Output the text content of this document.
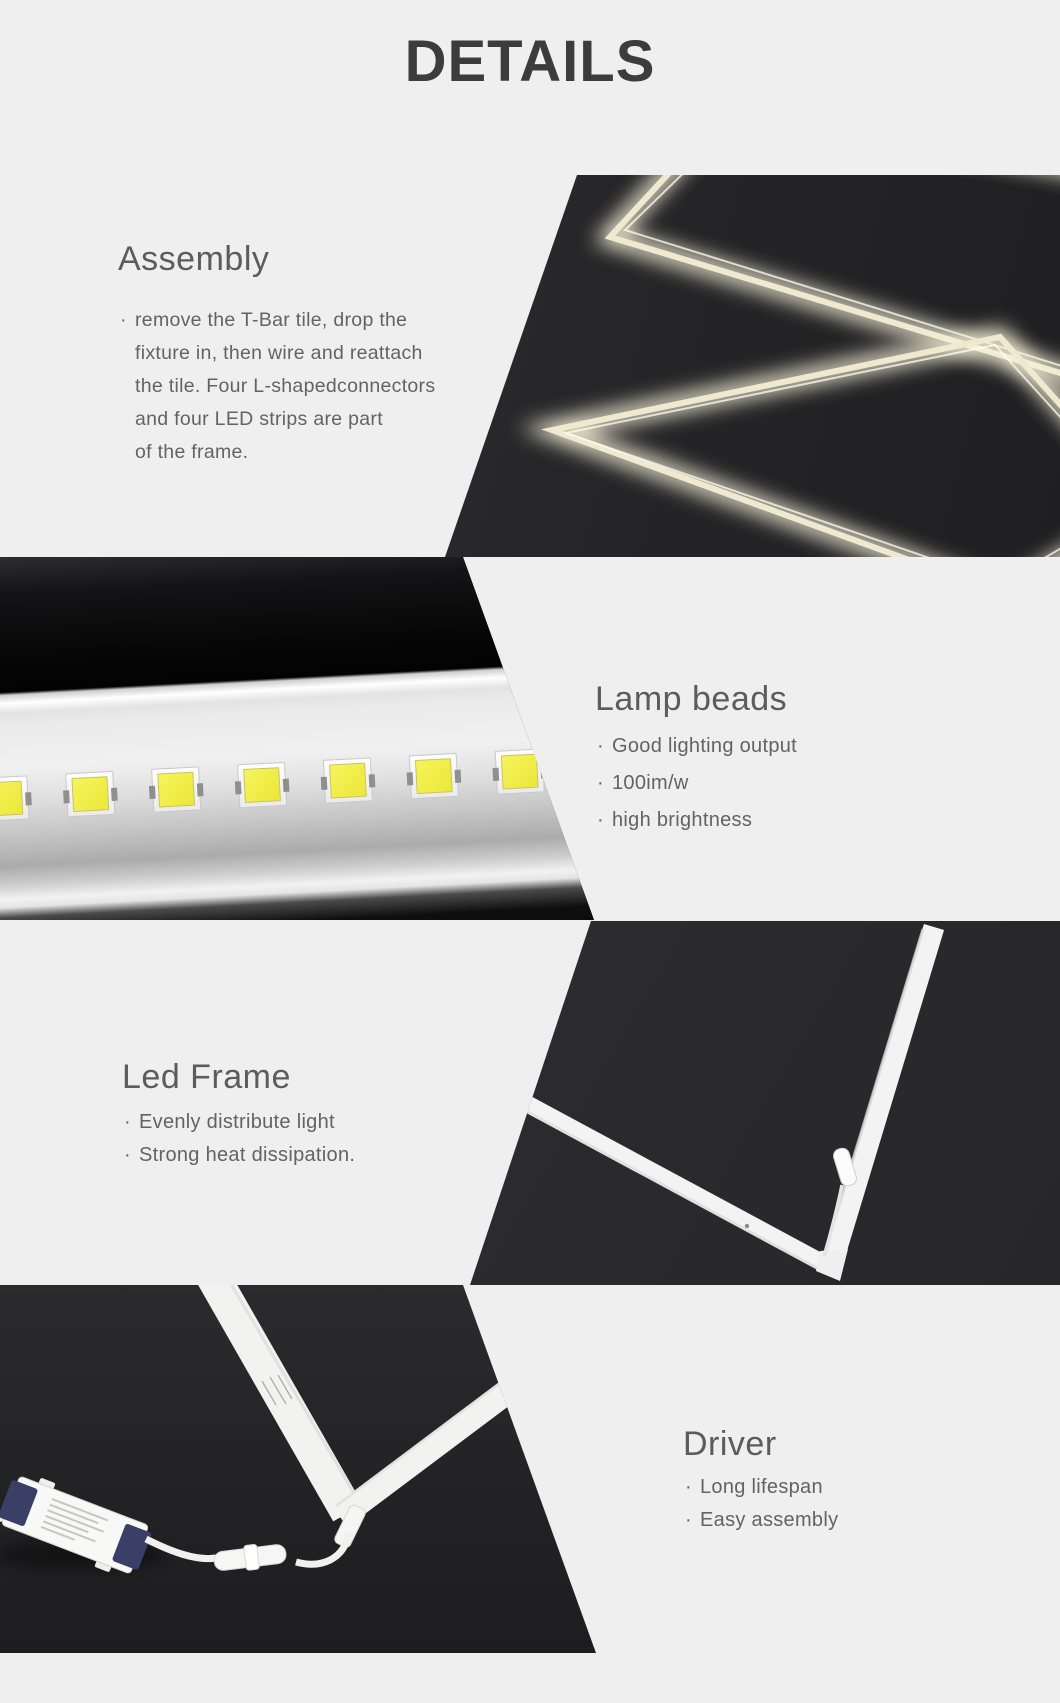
DETAILS
Assembly
· remove the T-Bar tile, drop the
fixture in, then wire and reattach
the tile. Four L-shapedconnectors
and four LED strips are part
of the frame.
Lamp beads
· Good lighting output
· 100im/w
· high brightness
Led Frame
· Evenly distribute light
· Strong heat dissipation.
Driver
· Long lifespan
· Easy assembly
